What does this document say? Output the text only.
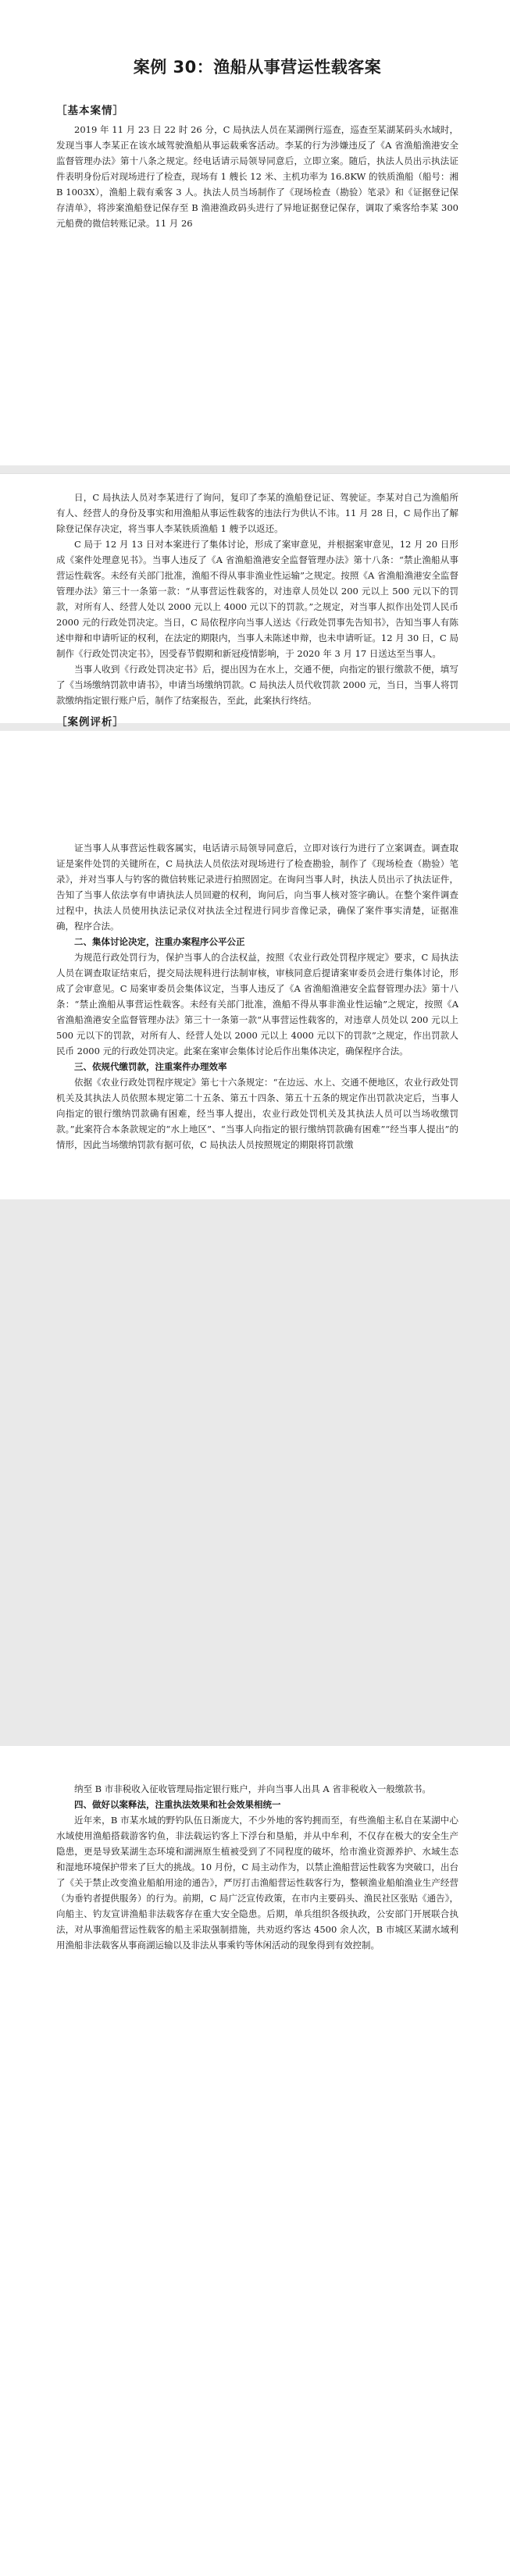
案例 30：渔船从事营运性载客案
［基本案情］

2019 年 11 月 23 日 22 时 26 分，C 局执法人员在某湖例行巡查，巡查至某湖某码头水域时，发现当事人李某正在该水域驾驶渔船从事运载乘客活动。李某的行为涉嫌违反了《A 省渔船渔港安全监督管理办法》第十八条之规定。经电话请示局领导同意后，立即立案。随后，执法人员出示执法证件表明身份后对现场进行了检查，现场有 1 艘长 12 米、主机功率为 16.8KW 的铁质渔船（船号：湘 B 1003X），渔船上载有乘客 3 人。执法人员当场制作了《现场检查（勘验）笔录》和《证据登记保存清单》，将涉案渔船登记保存至 B 渔港渔政码头进行了异地证据登记保存，调取了乘客给李某 300 元船费的微信转账记录。11 月 26

日，C 局执法人员对李某进行了询问，复印了李某的渔船登记证、驾驶证。李某对自己为渔船所有人、经营人的身份及事实和用渔船从事运性载客的违法行为供认不讳。11 月 28 日，C 局作出了解除登记保存决定，将当事人李某铁质渔船 1 艘予以返还。

C 局于 12 月 13 日对本案进行了集体讨论，形成了案审意见，并根据案审意见，12 月 20 日形成《案件处理意见书》。当事人违反了《A 省渔船渔港安全监督管理办法》第十八条：“禁止渔船从事营运性载客。未经有关部门批准，渔船不得从事非渔业性运输”之规定。按照《A 省渔船渔港安全监督管理办法》第三十一条第一款：“从事营运性载客的，对违章人员处以 200 元以上 500 元以下的罚款，对所有人、经营人处以 2000 元以上 4000 元以下的罚款。”之规定，对当事人拟作出处罚人民币 2000 元的行政处罚决定。当日，C 局依程序向当事人送达《行政处罚事先告知书》，告知当事人有陈述申辩和申请听证的权利，在法定的期限内，当事人未陈述申辩，也未申请听证。12 月 30 日，C 局制作《行政处罚决定书》，因受春节假期和新冠疫情影响，于 2020 年 3 月 17 日送达至当事人。

当事人收到《行政处罚决定书》后，提出因为在水上，交通不便，向指定的银行缴款不便，填写了《当场缴纳罚款申请书》，申请当场缴纳罚款。C 局执法人员代收罚款 2000 元，当日，当事人将罚款缴纳指定银行账户后，制作了结案报告，至此，此案执行终结。

［案例评析］

证当事人从事营运性载客属实，电话请示局领导同意后，立即对该行为进行了立案调查。调查取证是案件处罚的关键所在，C 局执法人员依法对现场进行了检查勘验，制作了《现场检查（勘验）笔录》，并对当事人与钓客的微信转账记录进行拍照固定。在询问当事人时，执法人员出示了执法证件，告知了当事人依法享有申请执法人员回避的权利，询问后，向当事人核对签字确认。在整个案件调查过程中，执法人员使用执法记录仪对执法全过程进行同步音像记录，确保了案件事实清楚，证据准确，程序合法。

二、集体讨论决定，注重办案程序公平公正

为规范行政处罚行为，保护当事人的合法权益，按照《农业行政处罚程序规定》要求，C 局执法人员在调查取证结束后，提交局法规科进行法制审核，审核同意后提请案审委员会进行集体讨论，形成了会审意见。C 局案审委员会集体议定，当事人违反了《A 省渔船渔港安全监督管理办法》第十八条：“禁止渔船从事营运性载客。未经有关部门批准，渔船不得从事非渔业性运输”之规定，按照《A 省渔船渔港安全监督管理办法》第三十一条第一款“从事营运性载客的，对违章人员处以 200 元以上 500 元以下的罚款，对所有人、经营人处以 2000 元以上 4000 元以下的罚款”之规定，作出罚款人民币 2000 元的行政处罚决定。此案在案审会集体讨论后作出集体决定，确保程序合法。

三、依规代缴罚款，注重案件办理效率

依据《农业行政处罚程序规定》第七十六条规定：“在边远、水上、交通不便地区，农业行政处罚机关及其执法人员依照本规定第二十五条、第五十四条、第五十五条的规定作出罚款决定后，当事人向指定的银行缴纳罚款确有困难，经当事人提出，农业行政处罚机关及其执法人员可以当场收缴罚款。”此案符合本条款规定的“水上地区”、“当事人向指定的银行缴纳罚款确有困难”“经当事人提出”的情形，因此当场缴纳罚款有据可依，C 局执法人员按照规定的期限将罚款缴

纳至 B 市非税收入征收管理局指定银行账户，并向当事人出具 A 省非税收入一般缴款书。

四、做好以案释法，注重执法效果和社会效果相统一

近年来，B 市某水域的野钓队伍日渐庞大，不少外地的客钓拥而至，有些渔船主私自在某湖中心水域使用渔船搭载游客钓鱼，非法载运钓客上下浮台和垦船，并从中牟利，不仅存在极大的安全生产隐患，更是导致某湖生态环境和湖洲原生植被受到了不同程度的破坏，给市渔业资源养护、水域生态和湿地环境保护带来了巨大的挑战。10 月份，C 局主动作为，以禁止渔船营运性载客为突破口，出台了《关于禁止改变渔业船舶用途的通告》，严厉打击渔船营运性载客行为，整顿渔业船舶渔业生产经营（为垂钓者提供服务）的行为。前期，C 局广泛宣传政策，在市内主要码头、渔民社区张贴《通告》，向船主、钓友宣讲渔船非法载客存在重大安全隐患。后期，单兵组织各级执政，公安部门开展联合执法，对从事渔船营运性载客的船主采取强制措施，共劝返约客达 4500 余人次，B 市城区某湖水域利用渔船非法载客从事商湖运输以及非法从事乘钓等休闲活动的现象得到有效控制。
